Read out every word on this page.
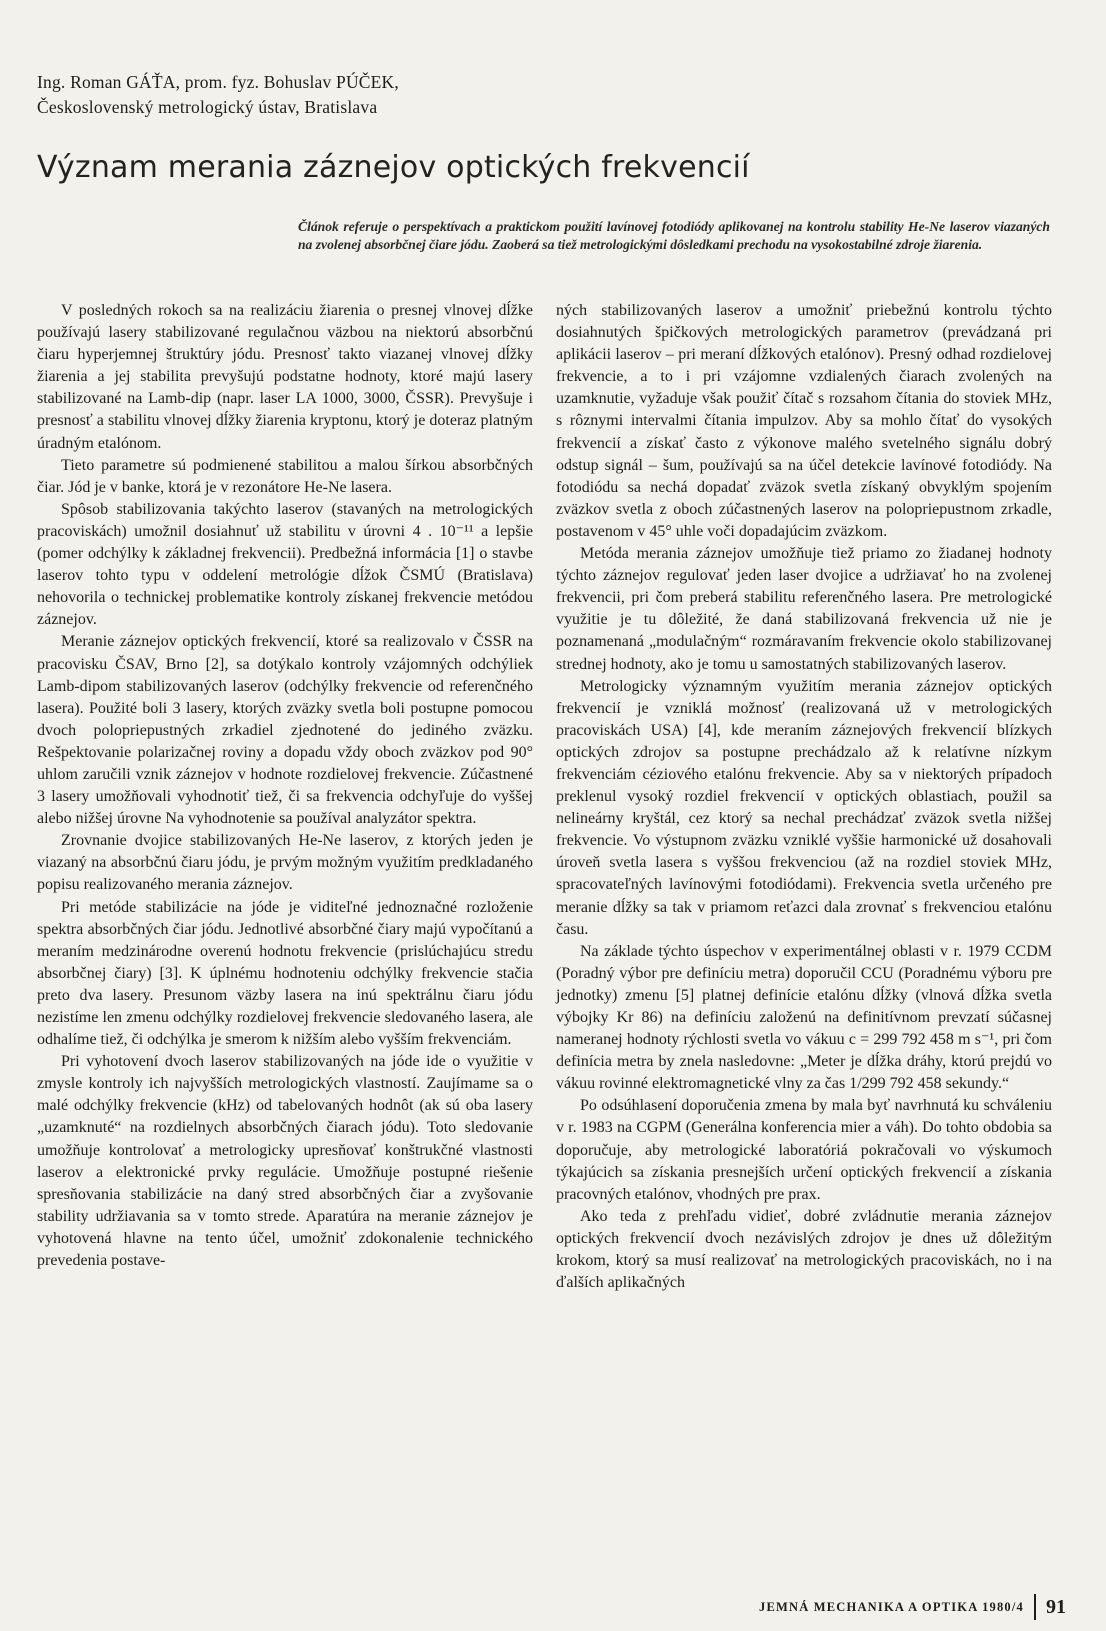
Ing. Roman GÁŤA, prom. fyz. Bohuslav PÚČEK,
Československý metrologický ústav, Bratislava
Význam merania záznejov optických frekvencií
Článok referuje o perspektívach a praktickom použití lavínovej fotodiódy aplikovanej na kontrolu stability He-Ne laserov viazaných na zvolenej absorbčnej čiare jódu. Zaoberá sa tiež metrologickými dôsledkami prechodu na vysokostabilné zdroje žiarenia.

V posledných rokoch sa na realizáciu žiarenia o presnej vlnovej dĺžke používajú lasery stabilizované regulačnou väzbou na niektorú absorbčnú čiaru hyperjemnej štruktúry jódu. Presnosť takto viazanej vlnovej dĺžky žiarenia a jej stabilita prevyšujú podstatne hodnoty, ktoré majú lasery stabilizované na Lamb-dip (napr. laser LA 1000, 3000, ČSSR). Prevyšuje i presnosť a stabilitu vlnovej dĺžky žiarenia kryptonu, ktorý je doteraz platným úradným etalónom.

Tieto parametre sú podmienené stabilitou a malou šírkou absorbčných čiar. Jód je v banke, ktorá je v rezonátore He-Ne lasera.

Spôsob stabilizovania takýchto laserov (stavaných na metrologických pracoviskách) umožnil dosiahnuť už stabilitu v úrovni 4 . 10⁻¹¹ a lepšie (pomer odchýlky k základnej frekvencii). Predbežná informácia [1] o stavbe laserov tohto typu v oddelení metrológie dĺžok ČSMÚ (Bratislava) nehovorila o technickej problematike kontroly získanej frekvencie metódou záznejov.

Meranie záznejov optických frekvencií, ktoré sa realizovalo v ČSSR na pracovisku ČSAV, Brno [2], sa dotýkalo kontroly vzájomných odchýliek Lamb-dipom stabilizovaných laserov (odchýlky frekvencie od referenčného lasera). Použité boli 3 lasery, ktorých zväzky svetla boli postupne pomocou dvoch polopriepustných zrkadiel zjednotené do jediného zväzku. Rešpektovanie polarizačnej roviny a dopadu vždy oboch zväzkov pod 90° uhlom zaručili vznik záznejov v hodnote rozdielovej frekvencie. Zúčastnené 3 lasery umožňovali vyhodnotiť tiež, či sa frekvencia odchyľuje do vyššej alebo nižšej úrovne Na vyhodnotenie sa používal analyzátor spektra.

Zrovnanie dvojice stabilizovaných He-Ne laserov, z ktorých jeden je viazaný na absorbčnú čiaru jódu, je prvým možným využitím predkladaného popisu realizovaného merania záznejov.

Pri metóde stabilizácie na jóde je viditeľné jednoznačné rozloženie spektra absorbčných čiar jódu. Jednotlivé absorbčné čiary majú vypočítanú a meraním medzinárodne overenú hodnotu frekvencie (prislúchajúcu stredu absorbčnej čiary) [3]. K úplnému hodnoteniu odchýlky frekvencie stačia preto dva lasery. Presunom väzby lasera na inú spektrálnu čiaru jódu nezistíme len zmenu odchýlky rozdielovej frekvencie sledovaného lasera, ale odhalíme tiež, či odchýlka je smerom k nižším alebo vyšším frekvenciám.

Pri vyhotovení dvoch laserov stabilizovaných na jóde ide o využitie v zmysle kontroly ich najvyšších metrologických vlastností. Zaujímame sa o malé odchýlky frekvencie (kHz) od tabelovaných hodnôt (ak sú oba lasery „uzamknuté“ na rozdielnych absorbčných čiarach jódu). Toto sledovanie umožňuje kontrolovať a metrologicky upresňovať konštrukčné vlastnosti laserov a elektronické prvky regulácie. Umožňuje postupné riešenie spresňovania stabilizácie na daný stred absorbčných čiar a zvyšovanie stability udržiavania sa v tomto strede. Aparatúra na meranie záznejov je vyhotovená hlavne na tento účel, umožniť zdokonalenie technického prevedenia postave-

ných stabilizovaných laserov a umožniť priebežnú kontrolu týchto dosiahnutých špičkových metrologických parametrov (prevádzaná pri aplikácii laserov – pri meraní dĺžkových etalónov). Presný odhad rozdielovej frekvencie, a to i pri vzájomne vzdialených čiarach zvolených na uzamknutie, vyžaduje však použiť čítač s rozsahom čítania do stoviek MHz, s rôznymi intervalmi čítania impulzov. Aby sa mohlo čítať do vysokých frekvencií a získať často z výkonove malého svetelného signálu dobrý odstup signál – šum, používajú sa na účel detekcie lavínové fotodiódy. Na fotodiódu sa nechá dopadať zväzok svetla získaný obvyklým spojením zväzkov svetla z oboch zúčastnených laserov na polopriepustnom zrkadle, postavenom v 45° uhle voči dopadajúcim zväzkom.

Metóda merania záznejov umožňuje tiež priamo zo žiadanej hodnoty týchto záznejov regulovať jeden laser dvojice a udržiavať ho na zvolenej frekvencii, pri čom preberá stabilitu referenčného lasera. Pre metrologické využitie je tu dôležité, že daná stabilizovaná frekvencia už nie je poznamenaná „modulačným“ rozmáravaním frekvencie okolo stabilizovanej strednej hodnoty, ako je tomu u samostatných stabilizovaných laserov.

Metrologicky významným využitím merania záznejov optických frekvencií je vzniklá možnosť (realizovaná už v metrologických pracoviskách USA) [4], kde meraním záznejových frekvencií blízkych optických zdrojov sa postupne prechádzalo až k relatívne nízkym frekvenciám céziového etalónu frekvencie. Aby sa v niektorých prípadoch preklenul vysoký rozdiel frekvencií v optických oblastiach, použil sa nelineárny kryštál, cez ktorý sa nechal prechádzať zväzok svetla nižšej frekvencie. Vo výstupnom zväzku vzniklé vyššie harmonické už dosahovali úroveň svetla lasera s vyššou frekvenciou (až na rozdiel stoviek MHz, spracovateľných lavínovými fotodiódami). Frekvencia svetla určeného pre meranie dĺžky sa tak v priamom reťazci dala zrovnať s frekvenciou etalónu času.

Na základe týchto úspechov v experimentálnej oblasti v r. 1979 CCDM (Poradný výbor pre definíciu metra) doporučil CCU (Poradnému výboru pre jednotky) zmenu [5] platnej definície etalónu dĺžky (vlnová dĺžka svetla výbojky Kr 86) na definíciu založenú na definitívnom prevzatí súčasnej nameranej hodnoty rýchlosti svetla vo vákuu c = 299 792 458 m s⁻¹, pri čom definícia metra by znela nasledovne: „Meter je dĺžka dráhy, ktorú prejdú vo vákuu rovinné elektromagnetické vlny za čas 1/299 792 458 sekundy.“

Po odsúhlasení doporučenia zmena by mala byť navrhnutá ku schváleniu v r. 1983 na CGPM (Generálna konferencia mier a váh). Do tohto obdobia sa doporučuje, aby metrologické laboratóriá pokračovali vo výskumoch týkajúcich sa získania presnejších určení optických frekvencií a získania pracovných etalónov, vhodných pre prax.

Ako teda z prehľadu vidieť, dobré zvládnutie merania záznejov optických frekvencií dvoch nezávislých zdrojov je dnes už dôležitým krokom, ktorý sa musí realizovať na metrologických pracoviskách, no i na ďalších aplikačných

JEMNÁ MECHANIKA A OPTIKA 1980/4 91
